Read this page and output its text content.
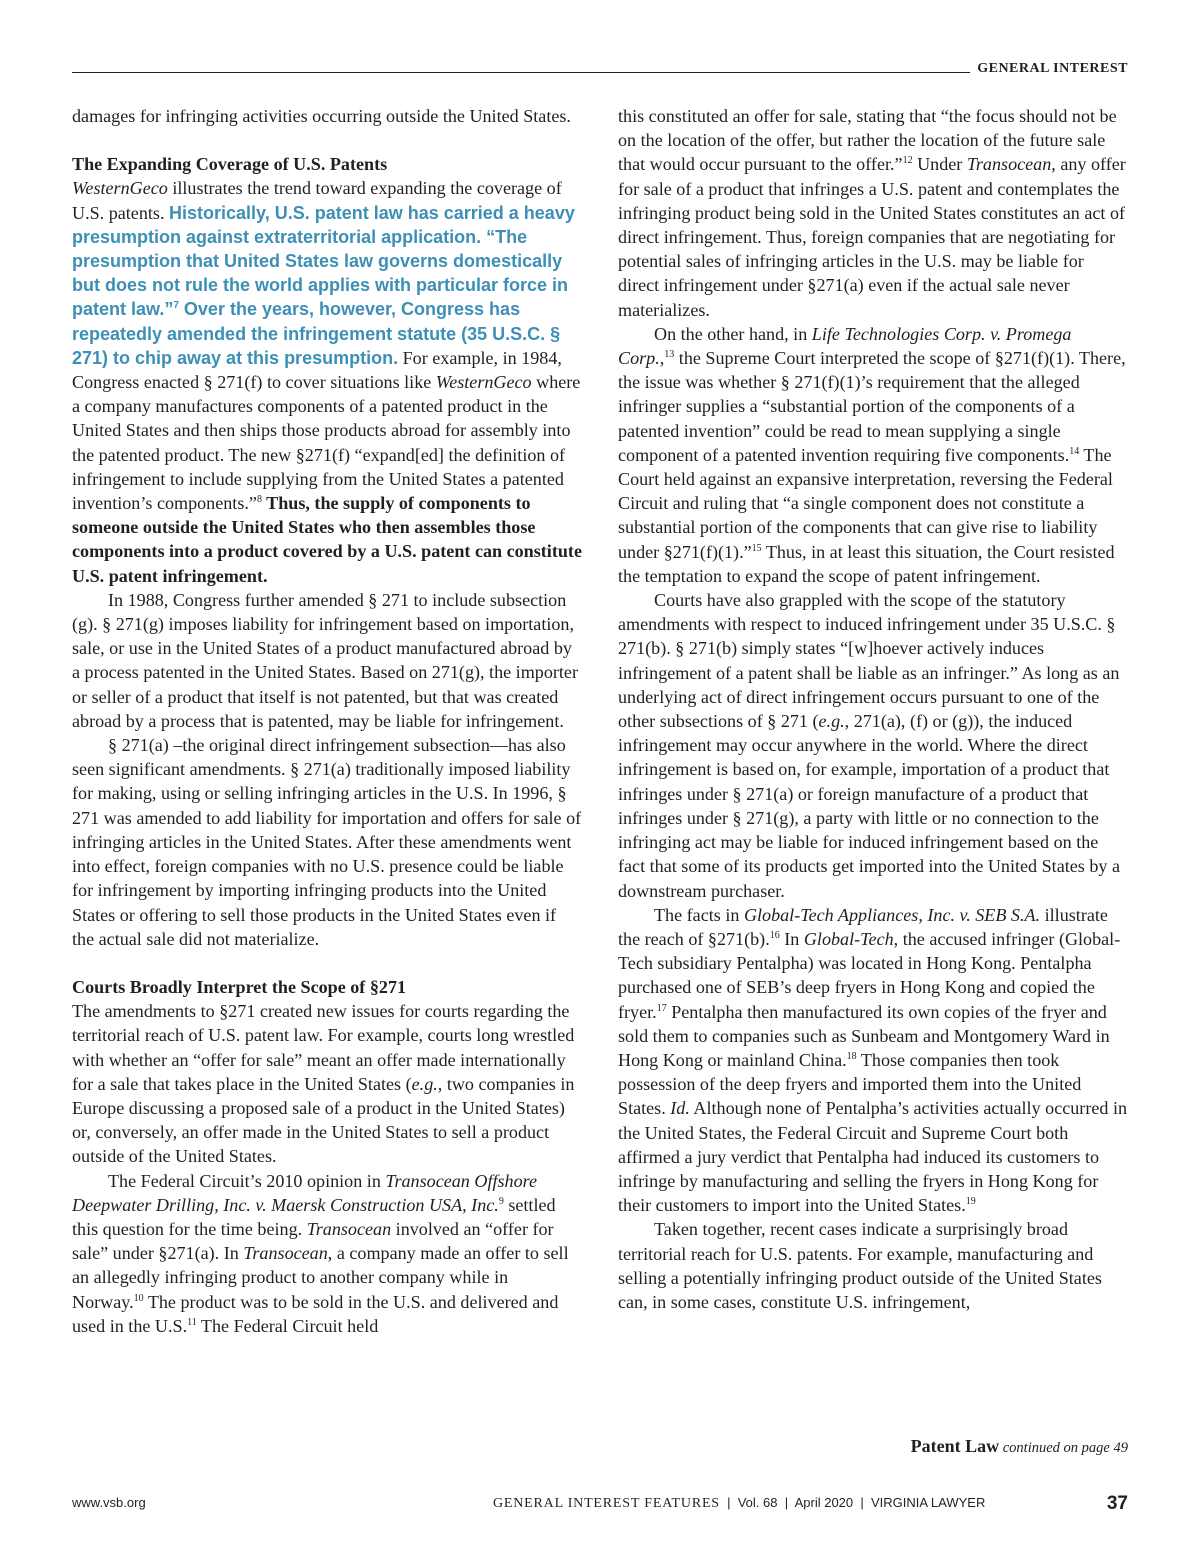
GENERAL INTEREST

damages for infringing activities occurring outside the United States.

The Expanding Coverage of U.S. Patents

WesternGeco illustrates the trend toward expanding the coverage of U.S. patents. Historically, U.S. patent law has carried a heavy presumption against extraterritorial application. “The presumption that United States law governs domestically but does not rule the world applies with particular force in patent law.”$^7$ Over the years, however, Congress has repeatedly amended the infringement statute (35 U.S.C. § 271) to chip away at this presumption. For example, in 1984, Congress enacted § 271(f) to cover situations like WesternGeco where a company manufactures components of a patented product in the United States and then ships those products abroad for assembly into the patented product. The new §271(f) “expand[ed] the definition of infringement to include supplying from the United States a patented invention’s components.”$^8$ Thus, the supply of components to someone outside the United States who then assembles those components into a product covered by a U.S. patent can constitute U.S. patent infringement.

In 1988, Congress further amended § 271 to include subsection (g). § 271(g) imposes liability for infringement based on importation, sale, or use in the United States of a product manufactured abroad by a process patented in the United States. Based on 271(g), the importer or seller of a product that itself is not patented, but that was created abroad by a process that is patented, may be liable for infringement.

§ 271(a) –the original direct infringement subsection—has also seen significant amendments. § 271(a) traditionally imposed liability for making, using or selling infringing articles in the U.S. In 1996, § 271 was amended to add liability for importation and offers for sale of infringing articles in the United States. After these amendments went into effect, foreign companies with no U.S. presence could be liable for infringement by importing infringing products into the United States or offering to sell those products in the United States even if the actual sale did not materialize.

Courts Broadly Interpret the Scope of §271

The amendments to §271 created new issues for courts regarding the territorial reach of U.S. patent law. For example, courts long wrestled with whether an “offer for sale” meant an offer made internationally for a sale that takes place in the United States (e.g., two companies in Europe discussing a proposed sale of a product in the United States) or, conversely, an offer made in the United States to sell a product outside of the United States.

The Federal Circuit’s 2010 opinion in Transocean Offshore Deepwater Drilling, Inc. v. Maersk Construction USA, Inc.$^9$ settled this question for the time being. Transocean involved an “offer for sale” under §271(a). In Transocean, a company made an offer to sell an allegedly infringing product to another company while in Norway.$^{10}$ The product was to be sold in the U.S. and delivered and used in the U.S.$^{11}$ The Federal Circuit held

this constituted an offer for sale, stating that “the focus should not be on the location of the offer, but rather the location of the future sale that would occur pursuant to the offer.”$^{12}$ Under Transocean, any offer for sale of a product that infringes a U.S. patent and contemplates the infringing product being sold in the United States constitutes an act of direct infringement. Thus, foreign companies that are negotiating for potential sales of infringing articles in the U.S. may be liable for direct infringement under §271(a) even if the actual sale never materializes.

On the other hand, in Life Technologies Corp. v. Promega Corp.,$^{13}$ the Supreme Court interpreted the scope of §271(f)(1). There, the issue was whether § 271(f)(1)’s requirement that the alleged infringer supplies a “substantial portion of the components of a patented invention” could be read to mean supplying a single component of a patented invention requiring five components.$^{14}$ The Court held against an expansive interpretation, reversing the Federal Circuit and ruling that “a single component does not constitute a substantial portion of the components that can give rise to liability under §271(f)(1).”$^{15}$ Thus, in at least this situation, the Court resisted the temptation to expand the scope of patent infringement.

Courts have also grappled with the scope of the statutory amendments with respect to induced infringement under 35 U.S.C. § 271(b). § 271(b) simply states “[w]hoever actively induces infringement of a patent shall be liable as an infringer.” As long as an underlying act of direct infringement occurs pursuant to one of the other subsections of § 271 (e.g., 271(a), (f) or (g)), the induced infringement may occur anywhere in the world. Where the direct infringement is based on, for example, importation of a product that infringes under § 271(a) or foreign manufacture of a product that infringes under § 271(g), a party with little or no connection to the infringing act may be liable for induced infringement based on the fact that some of its products get imported into the United States by a downstream purchaser.

The facts in Global-Tech Appliances, Inc. v. SEB S.A. illustrate the reach of §271(b).$^{16}$ In Global-Tech, the accused infringer (Global-Tech subsidiary Pentalpha) was located in Hong Kong. Pentalpha purchased one of SEB’s deep fryers in Hong Kong and copied the fryer.$^{17}$ Pentalpha then manufactured its own copies of the fryer and sold them to companies such as Sunbeam and Montgomery Ward in Hong Kong or mainland China.$^{18}$ Those companies then took possession of the deep fryers and imported them into the United States. Id. Although none of Pentalpha’s activities actually occurred in the United States, the Federal Circuit and Supreme Court both affirmed a jury verdict that Pentalpha had induced its customers to infringe by manufacturing and selling the fryers in Hong Kong for their customers to import into the United States.$^{19}$

Taken together, recent cases indicate a surprisingly broad territorial reach for U.S. patents. For example, manufacturing and selling a potentially infringing product outside of the United States can, in some cases, constitute U.S. infringement,

Patent Law continued on page 49
www.vsb.org	GENERAL INTEREST FEATURES  |  Vol. 68  |  April 2020  |  VIRGINIA LAWYER	37
